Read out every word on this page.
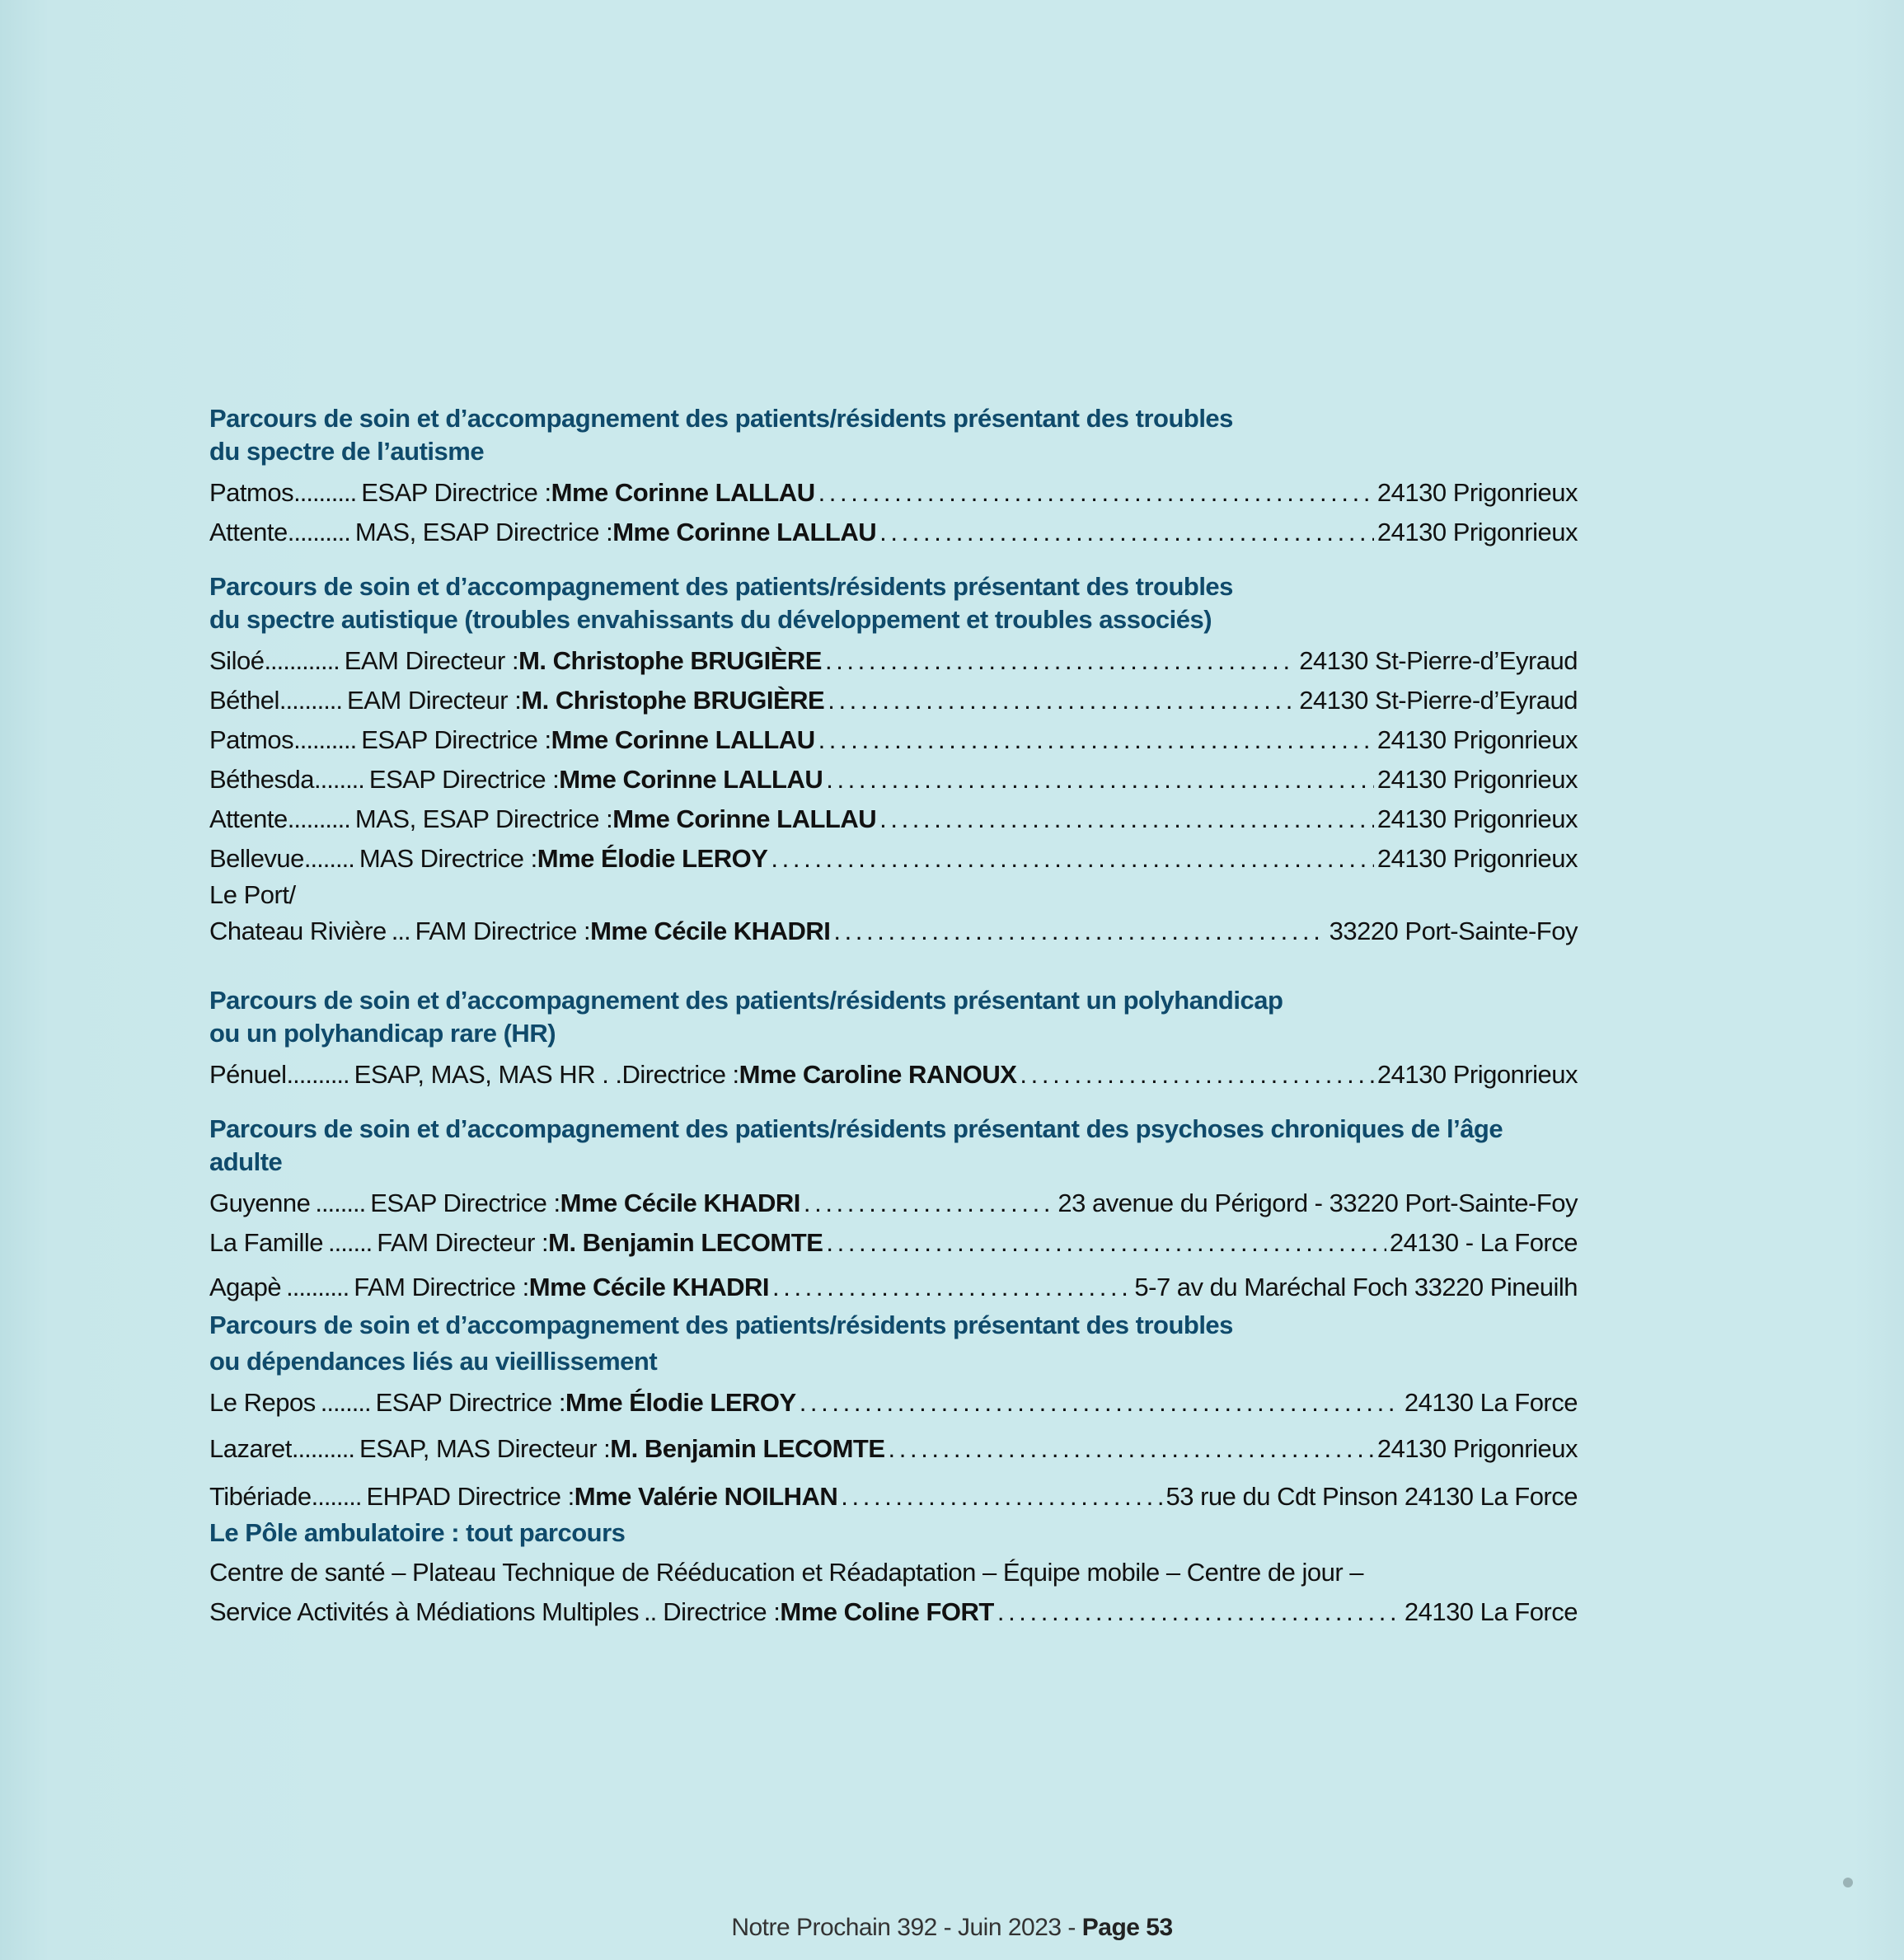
Parcours de soin et d’accompagnement des patients/résidents présentant des troubles

du spectre de l’autisme

Patmos .......... ESAP Directrice : Mme Corinne LALLAU . . .	24130 Prigonrieux
Attente .......... MAS, ESAP Directrice : Mme Corinne LALLAU . . .	24130 Prigonrieux

Parcours de soin et d’accompagnement des patients/résidents présentant des troubles

du spectre autistique (troubles envahissants du développement et troubles associés)

Siloé ............ EAM Directeur : M. Christophe BRUGIÈRE . . .	24130 St-Pierre-d’Eyraud
Béthel .......... EAM Directeur : M. Christophe BRUGIÈRE . . .	24130 St-Pierre-d’Eyraud
Patmos .......... ESAP Directrice : Mme Corinne LALLAU . . .	24130 Prigonrieux
Béthesda ........ ESAP Directrice : Mme Corinne LALLAU . . .	24130 Prigonrieux
Attente .......... MAS, ESAP Directrice : Mme Corinne LALLAU . . .	24130 Prigonrieux
Bellevue ........ MAS Directrice : Mme Élodie LEROY . . .	24130 Prigonrieux
Le Port/
Chateau Rivière ... FAM Directrice : Mme Cécile KHADRI . . .	33220 Port-Sainte-Foy

Parcours de soin et d’accompagnement des patients/résidents présentant un polyhandicap

ou un polyhandicap rare (HR)

Pénuel .......... ESAP, MAS, MAS HR . .Directrice : Mme Caroline RANOUX . . .	24130 Prigonrieux

Parcours de soin et d’accompagnement des patients/résidents présentant des psychoses chroniques de l’âge adulte

Guyenne ........ ESAP Directrice : Mme Cécile KHADRI . . .	23 avenue du Périgord - 33220 Port-Sainte-Foy
La Famille ....... FAM Directeur : M. Benjamin LECOMTE . . .	24130 - La Force
Agapè .......... FAM Directrice : Mme Cécile KHADRI . . .	5-7 av du Maréchal Foch 33220 Pineuilh

Parcours de soin et d’accompagnement des patients/résidents présentant des troubles

ou dépendances liés au vieillissement

Le Repos ........ ESAP Directrice : Mme Élodie LEROY . . .	24130 La Force
Lazaret .......... ESAP, MAS Directeur : M. Benjamin LECOMTE . . .	24130 Prigonrieux
Tibériade ........ EHPAD Directrice : Mme Valérie NOILHAN . . .	53 rue du Cdt Pinson 24130 La Force

Le Pôle ambulatoire : tout parcours

Centre de santé – Plateau Technique de Rééducation et Réadaptation – Équipe mobile – Centre de jour –
Service Activités à Médiations Multiples .. Directrice : Mme Coline FORT . . .	24130 La Force
Notre Prochain 392 - Juin 2023 - Page 53
